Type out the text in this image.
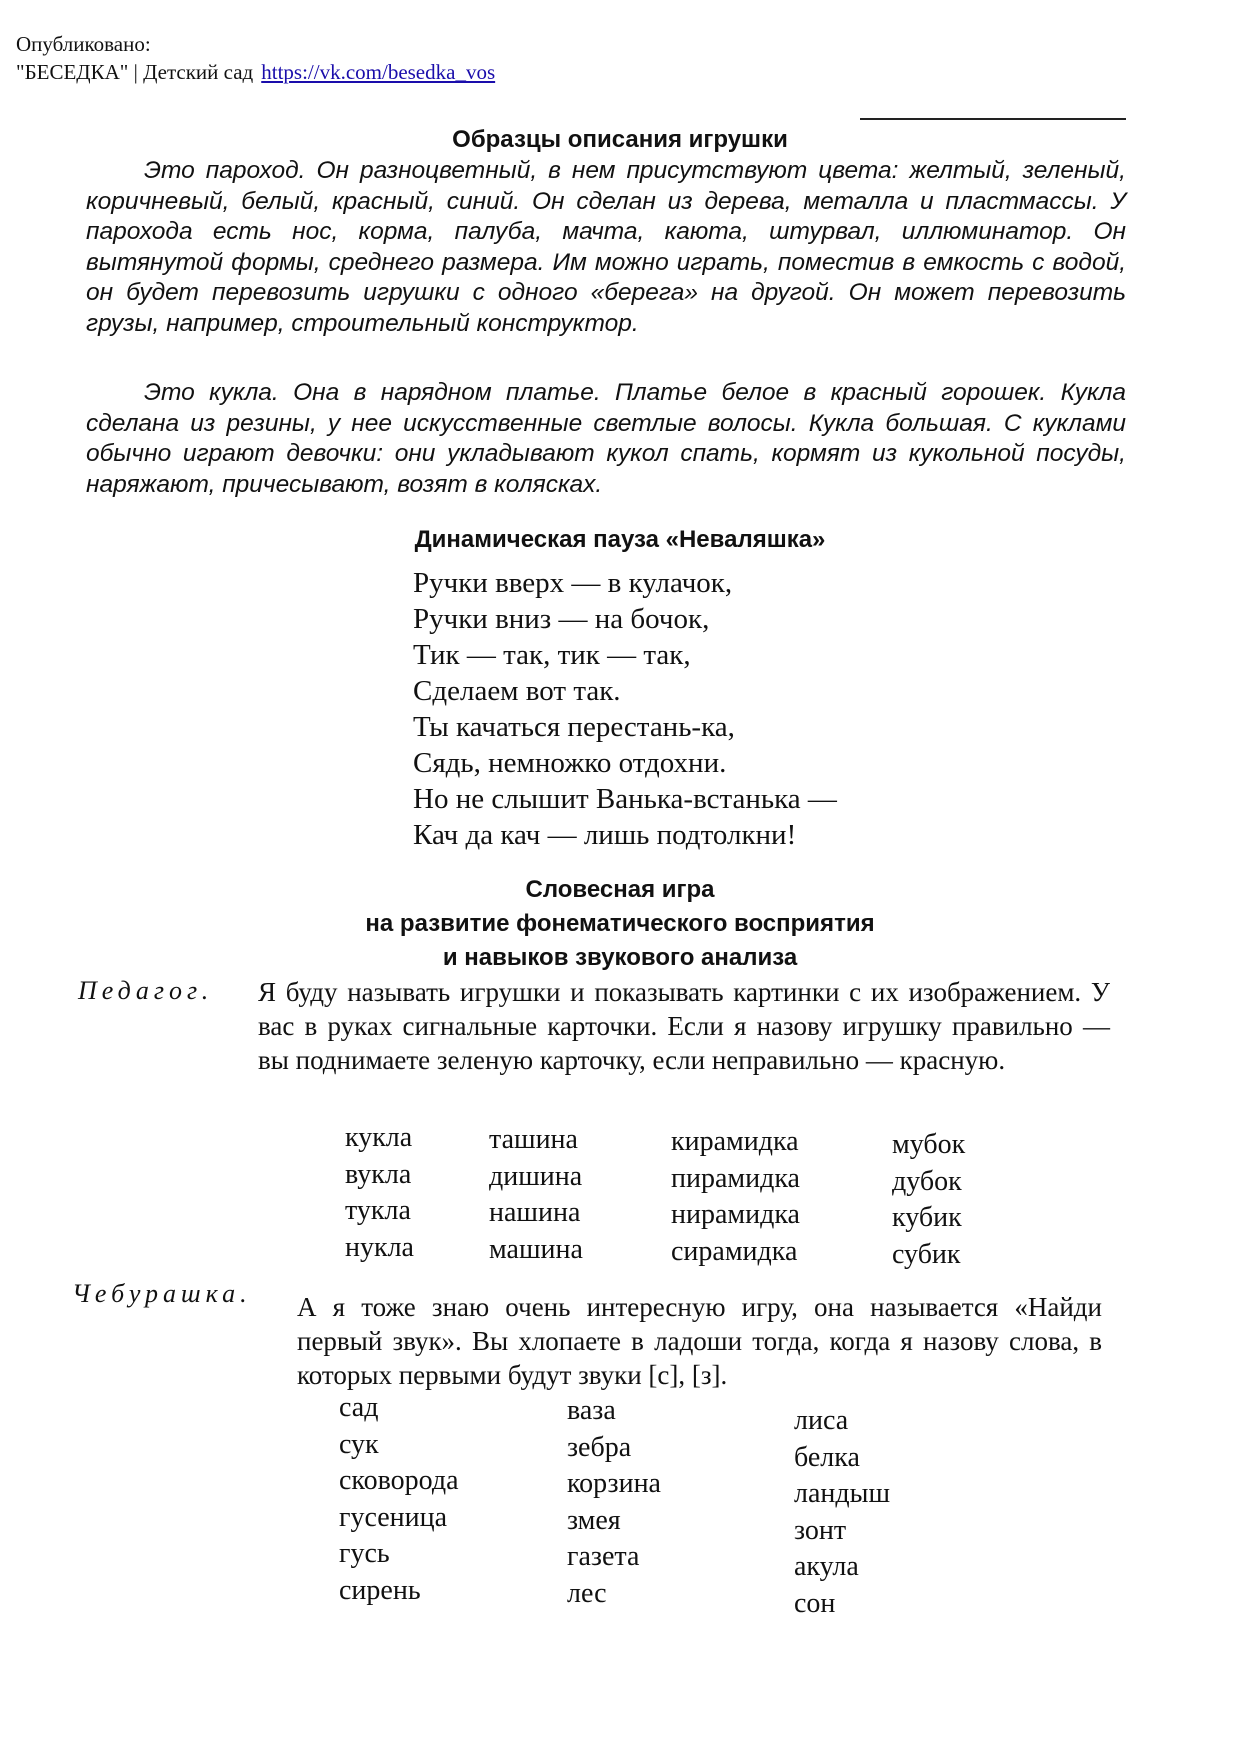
Опубликовано:
"БЕСЕДКА" | Детский сад https://vk.com/besedka_vos
Образцы описания игрушки

Это пароход. Он разноцветный, в нем присутствуют цвета: желтый, зеленый, коричневый, белый, красный, синий. Он сделан из дерева, металла и пластмассы. У парохода есть нос, корма, палуба, мачта, каюта, штурвал, иллюминатор. Он вытянутой формы, среднего размера. Им можно играть, поместив в емкость с водой, он будет перевозить игрушки с одного «берега» на другой. Он может перевозить грузы, например, строительный конструктор.

Это кукла. Она в нарядном платье. Платье белое в красный горошек. Кукла сделана из резины, у нее искусственные светлые волосы. Кукла большая. С куклами обычно играют девочки: они укладывают кукол спать, кормят из кукольной посуды, наряжают, причесывают, возят в колясках.

Динамическая пауза «Неваляшка»
Ручки вверх — в кулачок,
Ручки вниз — на бочок,
Тик — так, тик — так,
Сделаем вот так.
Ты качаться перестань-ка,
Сядь, немножко отдохни.
Но не слышит Ванька-встанька —
Кач да кач — лишь подтолкни!
Словесная игра
на развитие фонематического восприятия
и навыков звукового анализа
Педагог. Я буду называть игрушки и показывать картинки с их изображением. У вас в руках сигнальные карточки. Если я назову игрушку правильно — вы поднимаете зеленую карточку, если неправильно — красную.

кукла
вукла
тукла
нукла
ташина
дишина
нашина
машина
кирамидка
пирамидка
нирамидка
сирамидка
мубок
дубок
кубик
субик
Чебурашка. А я тоже знаю очень интересную игру, она называется «Найди первый звук». Вы хлопаете в ладоши тогда, когда я назову слова, в которых первыми будут звуки [с], [з].

сад
сук
сковорода
гусеница
гусь
сирень
ваза
зебра
корзина
змея
газета
лес
лиса
белка
ландыш
зонт
акула
сон
